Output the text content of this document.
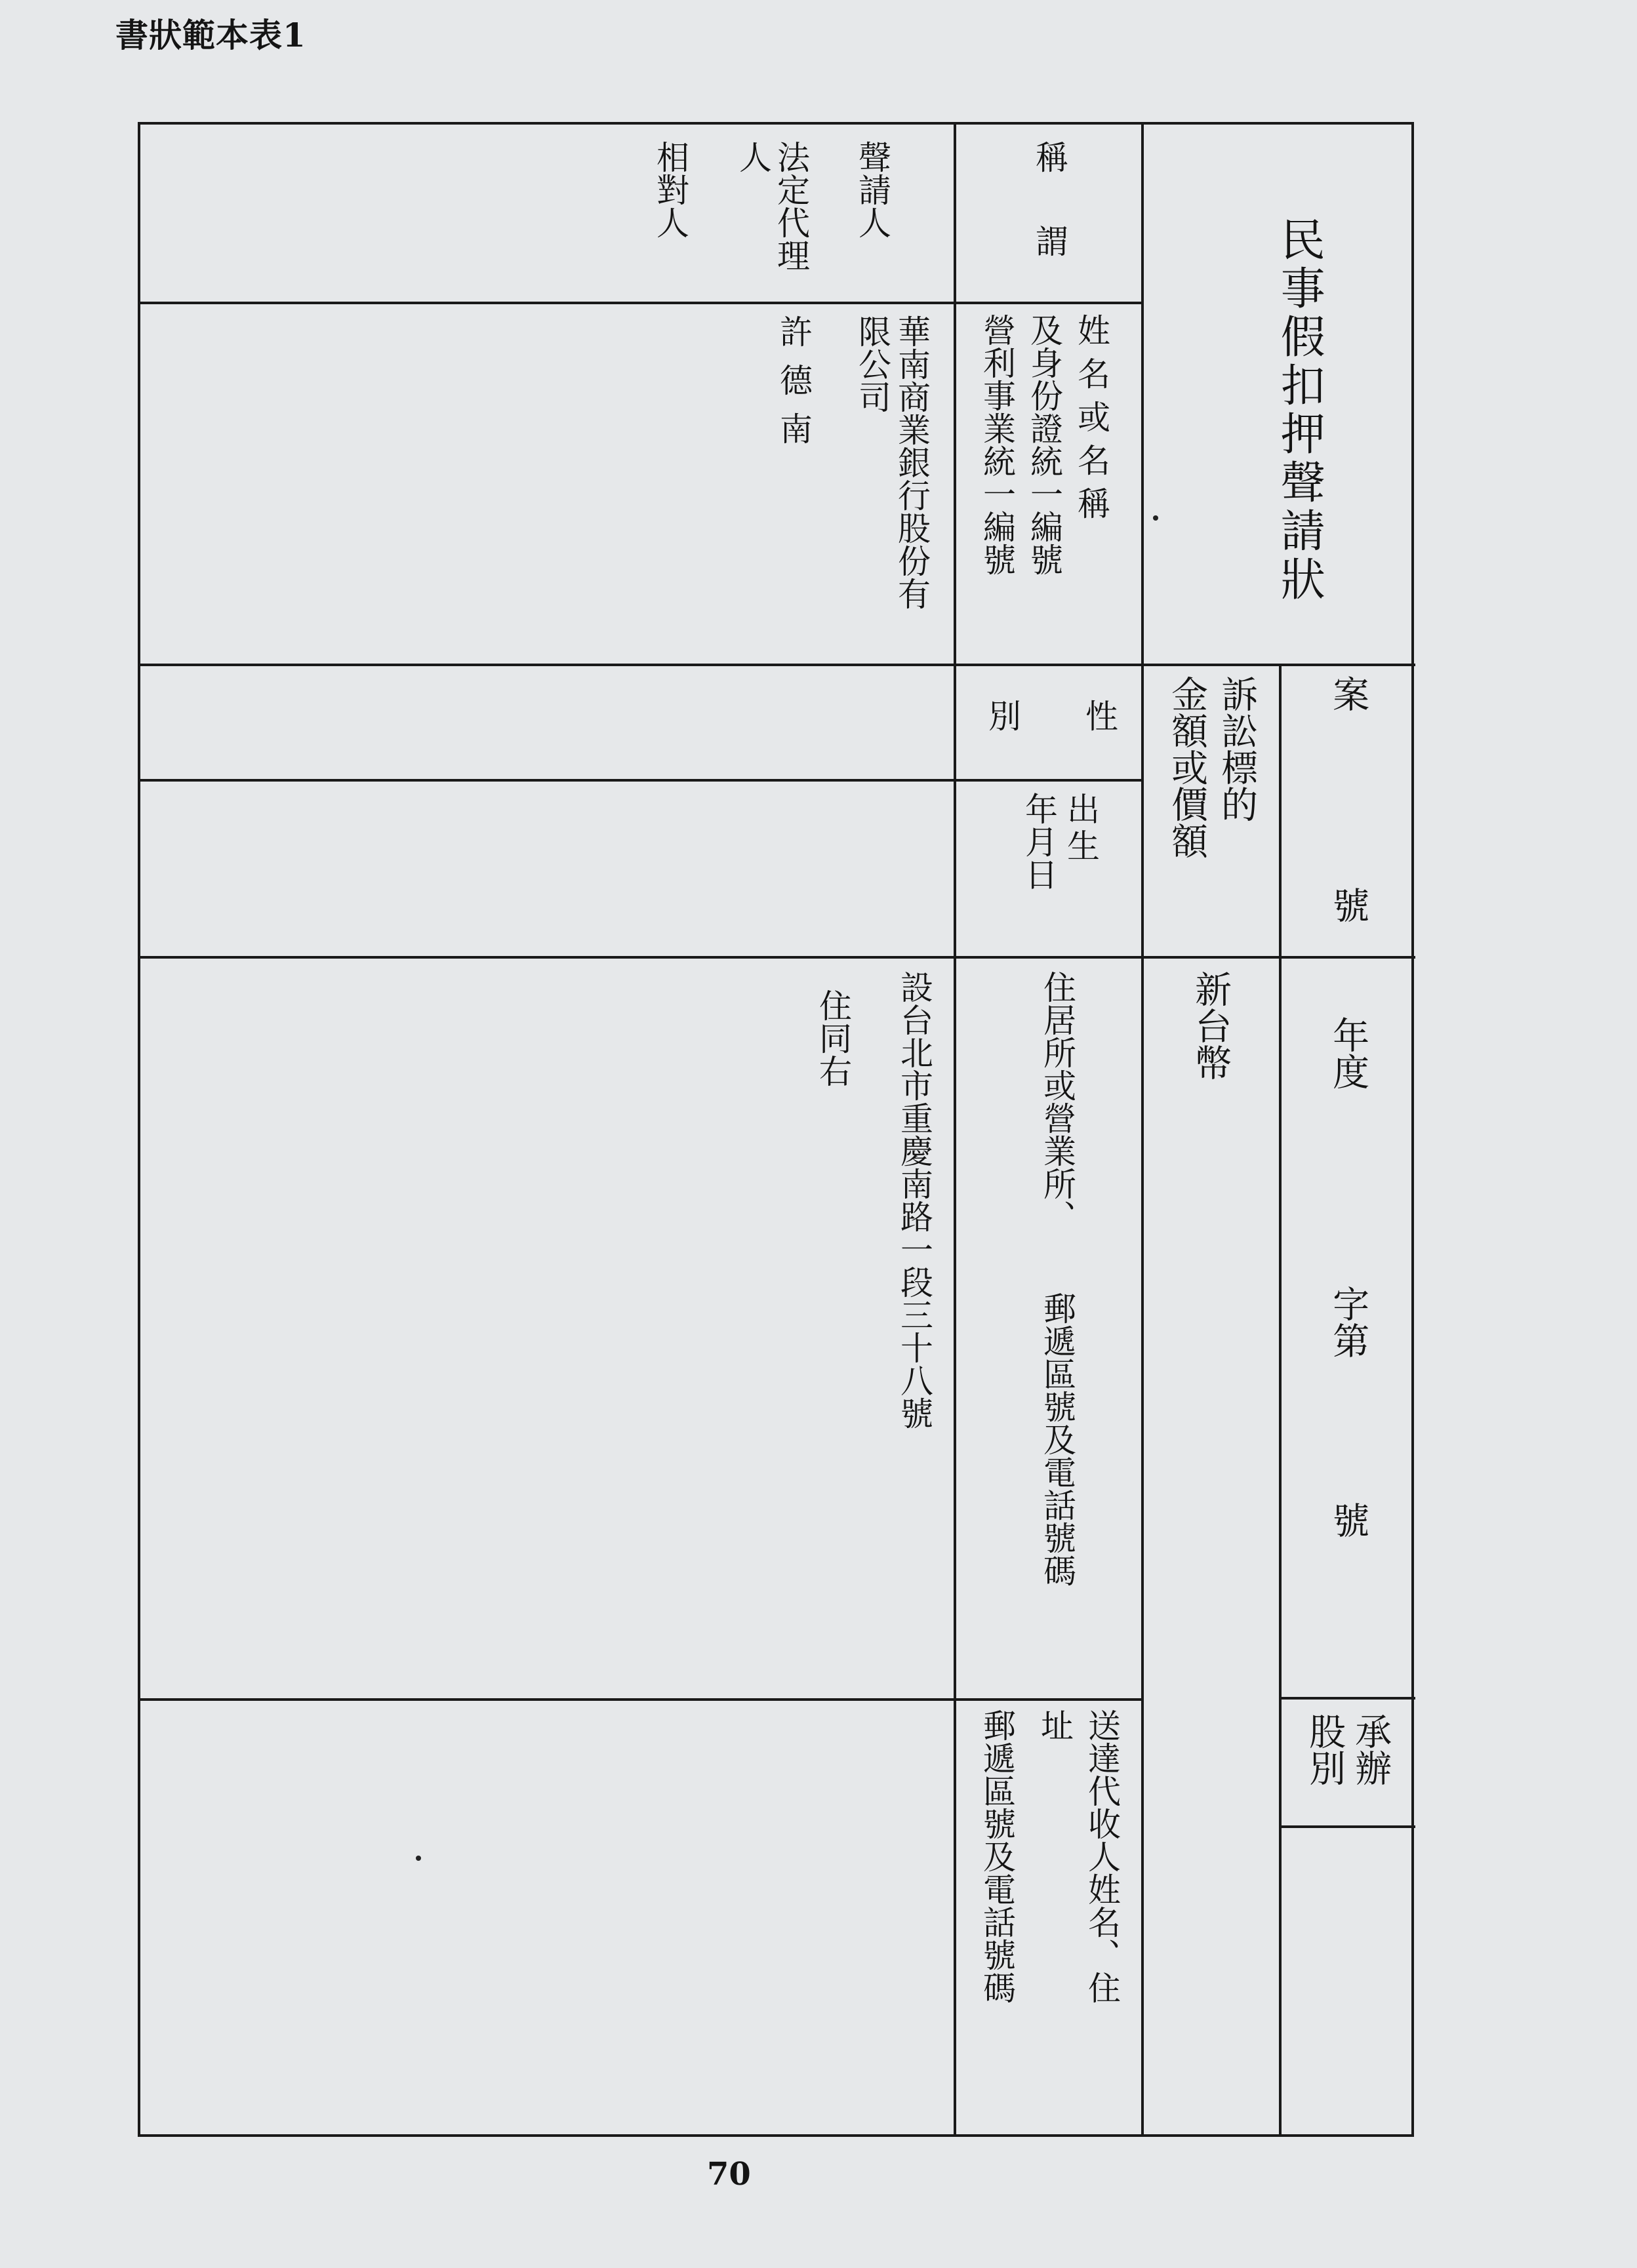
書狀範本表1
民事假扣押聲請狀
案
號
年度
字第
號
承辦
股別
訴訟標的
金額或價額
新台幣
稱
謂
姓名或名稱
及身份證統一編號
營利事業統一編號
性
別
出生
年月日
住居所或營業所、
郵遞區號及電話號碼
送達代收人姓名、住
址
郵遞區號及電話號碼
聲請人
法定代理
人
相對人
華南商業銀行股份有
限公司
許德南
設台北市重慶南路一段三十八號
住同右
70
